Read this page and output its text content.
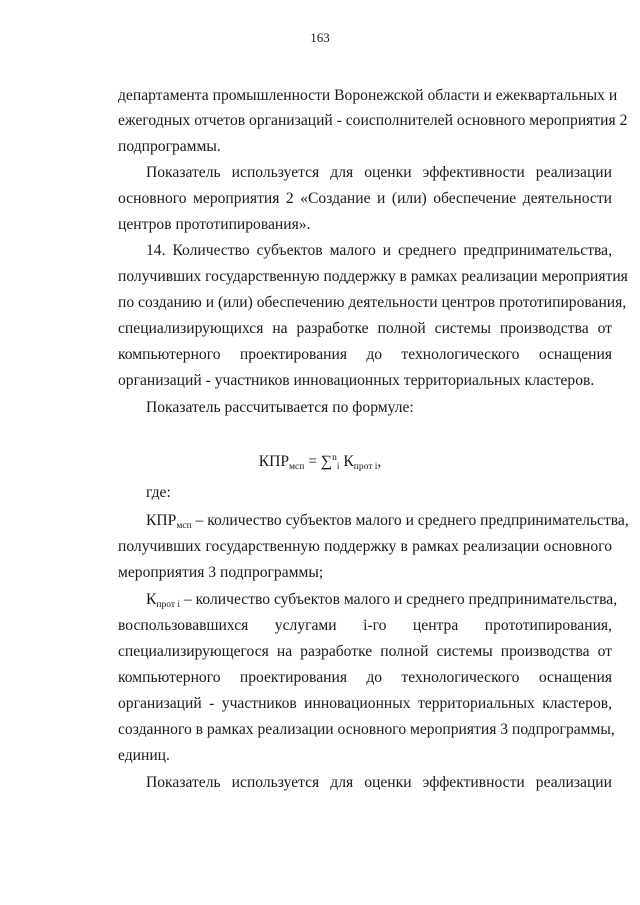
163
департамента промышленности Воронежской области и ежеквартальных и
ежегодных отчетов организаций - соисполнителей основного мероприятия 2
подпрограммы.
Показатель используется для оценки эффективности реализации
основного мероприятия 2 «Создание и (или) обеспечение деятельности
центров прототипирования».
14. Количество субъектов малого и среднего предпринимательства,
получивших государственную поддержку в рамках реализации мероприятия
по созданию и (или) обеспечению деятельности центров прототипирования,
специализирующихся на разработке полной системы производства от
компьютерного проектирования до технологического оснащения
организаций - участников инновационных территориальных кластеров.
Показатель рассчитывается по формуле:
$КПР_{мсп} = \sum^n_i$ $К_{прот i}$,
где:
$КПР_{мсп}$ – количество субъектов малого и среднего предпринимательства,
получивших государственную поддержку в рамках реализации основного
мероприятия 3 подпрограммы;
$К_{прот i}$ – количество субъектов малого и среднего предпринимательства,
воспользовавшихся услугами i-го центра прототипирования,
специализирующегося на разработке полной системы производства от
компьютерного проектирования до технологического оснащения
организаций - участников инновационных территориальных кластеров,
созданного в рамках реализации основного мероприятия 3 подпрограммы,
единиц.
Показатель используется для оценки эффективности реализации
